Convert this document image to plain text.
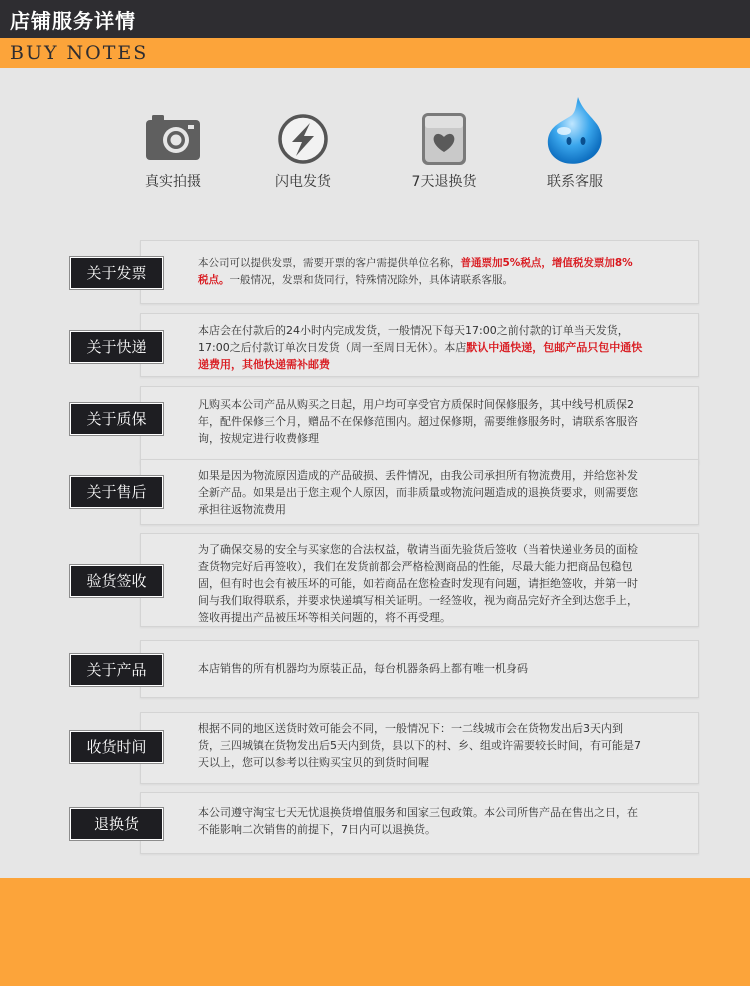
店铺服务详情
BUY NOTES
真实拍摄	闪电发货	7天退换货	联系客服
关于发票
本公司可以提供发票，需要开票的客户需提供单位名称，普通票加5%税点，增值税发票加8%税点。一般情况，发票和货同行，特殊情况除外，具体请联系客服。
关于快递
本店会在付款后的24小时内完成发货，一般情况下每天17:00之前付款的订单当天发货，17:00之后付款订单次日发货（周一至周日无休）。本店默认中通快递，包邮产品只包中通快递费用，其他快递需补邮费
关于质保
凡购买本公司产品从购买之日起，用户均可享受官方质保时间保修服务，其中线号机质保2年，配件保修三个月，赠品不在保修范围内。超过保修期，需要维修服务时，请联系客服咨询，按规定进行收费修理
关于售后
如果是因为物流原因造成的产品破损、丢件情况，由我公司承担所有物流费用，并给您补发全新产品。如果是出于您主观个人原因，而非质量或物流问题造成的退换货要求，则需要您承担往返物流费用
验货签收
为了确保交易的安全与买家您的合法权益，敬请当面先验货后签收（当着快递业务员的面检查货物完好后再签收），我们在发货前都会严格检测商品的性能，尽最大能力把商品包稳包固，但有时也会有被压坏的可能，如若商品在您检查时发现有问题，请拒绝签收，并第一时间与我们取得联系，并要求快递填写相关证明。一经签收，视为商品完好齐全到达您手上，签收再提出产品被压坏等相关问题的，将不再受理。
关于产品	本店销售的所有机器均为原装正品，每台机器条码上都有唯一机身码
收货时间
根据不同的地区送货时效可能会不同，一般情况下：一二线城市会在货物发出后3天内到货，三四城镇在货物发出后5天内到货，县以下的村、乡、组或许需要较长时间，有可能是7天以上，您可以参考以往购买宝贝的到货时间喔
退换货
本公司遵守淘宝七天无忧退换货增值服务和国家三包政策。本公司所售产品在售出之日，在不能影响二次销售的前提下，7日内可以退换货。
